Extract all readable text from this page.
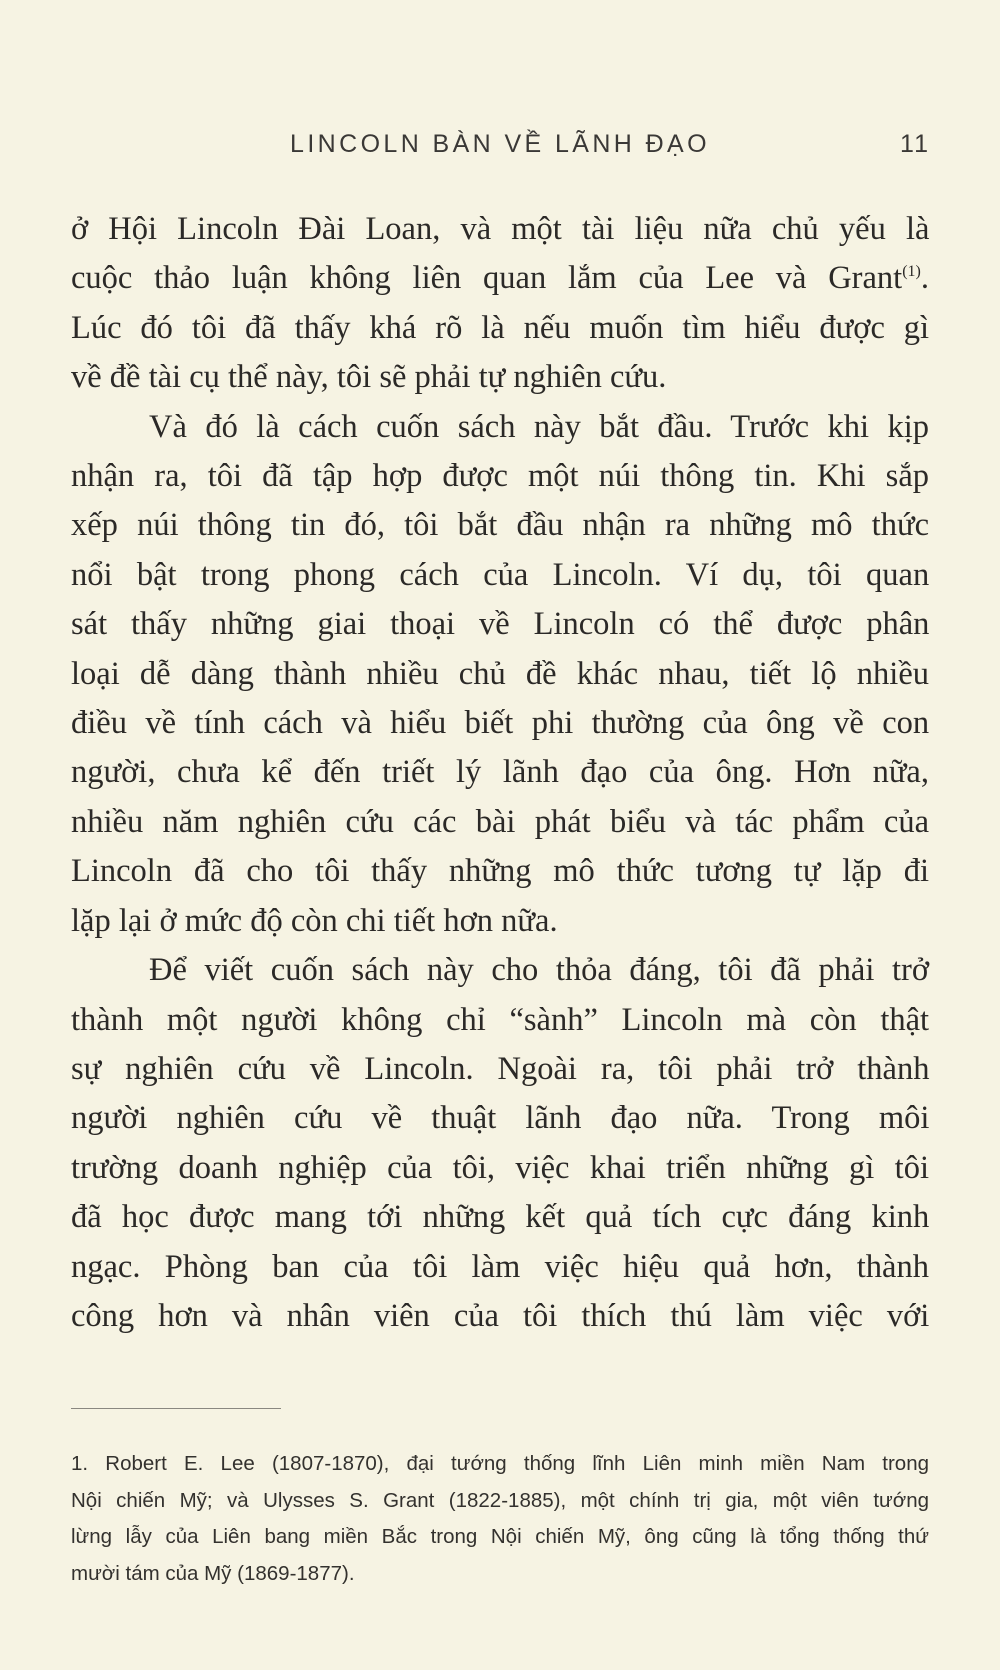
LINCOLN BÀN VỀ LÃNH ĐẠO	11
ở Hội Lincoln Đài Loan, và một tài liệu nữa chủ yếu là
cuộc thảo luận không liên quan lắm của Lee và Grant$^{(1)}$.
Lúc đó tôi đã thấy khá rõ là nếu muốn tìm hiểu được gì
về đề tài cụ thể này, tôi sẽ phải tự nghiên cứu.
Và đó là cách cuốn sách này bắt đầu. Trước khi kịp
nhận ra, tôi đã tập hợp được một núi thông tin. Khi sắp
xếp núi thông tin đó, tôi bắt đầu nhận ra những mô thức
nổi bật trong phong cách của Lincoln. Ví dụ, tôi quan
sát thấy những giai thoại về Lincoln có thể được phân
loại dễ dàng thành nhiều chủ đề khác nhau, tiết lộ nhiều
điều về tính cách và hiểu biết phi thường của ông về con
người, chưa kể đến triết lý lãnh đạo của ông. Hơn nữa,
nhiều năm nghiên cứu các bài phát biểu và tác phẩm của
Lincoln đã cho tôi thấy những mô thức tương tự lặp đi
lặp lại ở mức độ còn chi tiết hơn nữa.
Để viết cuốn sách này cho thỏa đáng, tôi đã phải trở
thành một người không chỉ “sành” Lincoln mà còn thật
sự nghiên cứu về Lincoln. Ngoài ra, tôi phải trở thành
người nghiên cứu về thuật lãnh đạo nữa. Trong môi
trường doanh nghiệp của tôi, việc khai triển những gì tôi
đã học được mang tới những kết quả tích cực đáng kinh
ngạc. Phòng ban của tôi làm việc hiệu quả hơn, thành
công hơn và nhân viên của tôi thích thú làm việc với
1. Robert E. Lee (1807-1870), đại tướng thống lĩnh Liên minh miền Nam trong
Nội chiến Mỹ; và Ulysses S. Grant (1822-1885), một chính trị gia, một viên tướng
lừng lẫy của Liên bang miền Bắc trong Nội chiến Mỹ, ông cũng là tổng thống thứ
mười tám của Mỹ (1869-1877).
